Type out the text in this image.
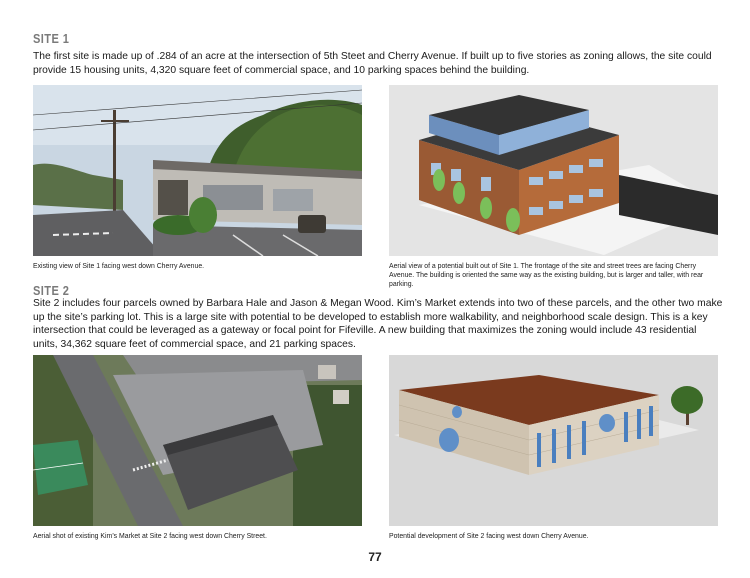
SITE 1
The first site is made up of .284 of an acre at the intersection of 5th Steet and Cherry Avenue. If built up to five stories as zoning allows, the site could provide 15 housing units, 4,320 square feet of commercial space, and 10 parking spaces behind the building.
Existing view of Site 1 facing west down Cherry Avenue.	Aerial view of a potential built out of Site 1. The frontage of the site and street trees are facing Cherry Avenue. The building is oriented the same way as the existing building, but is larger and taller, with rear parking.
SITE 2
Site 2 includes four parcels owned by Barbara Hale and Jason & Megan Wood. Kim’s Market extends into two of these parcels, and the other two make up the site’s parking lot. This is a large site with potential to be developed to establish more walkability, and neighborhood scale design. This is a key intersection that could be leveraged as a gateway or focal point for Fifeville. A new building that maximizes the zoning would include 43 residential units, 34,362 square feet of commercial space, and 21 parking spaces.
Aerial shot of existing Kim’s Market at Site 2 facing west down Cherry Street.	Potential development of Site 2 facing west down Cherry Avenue.
77
